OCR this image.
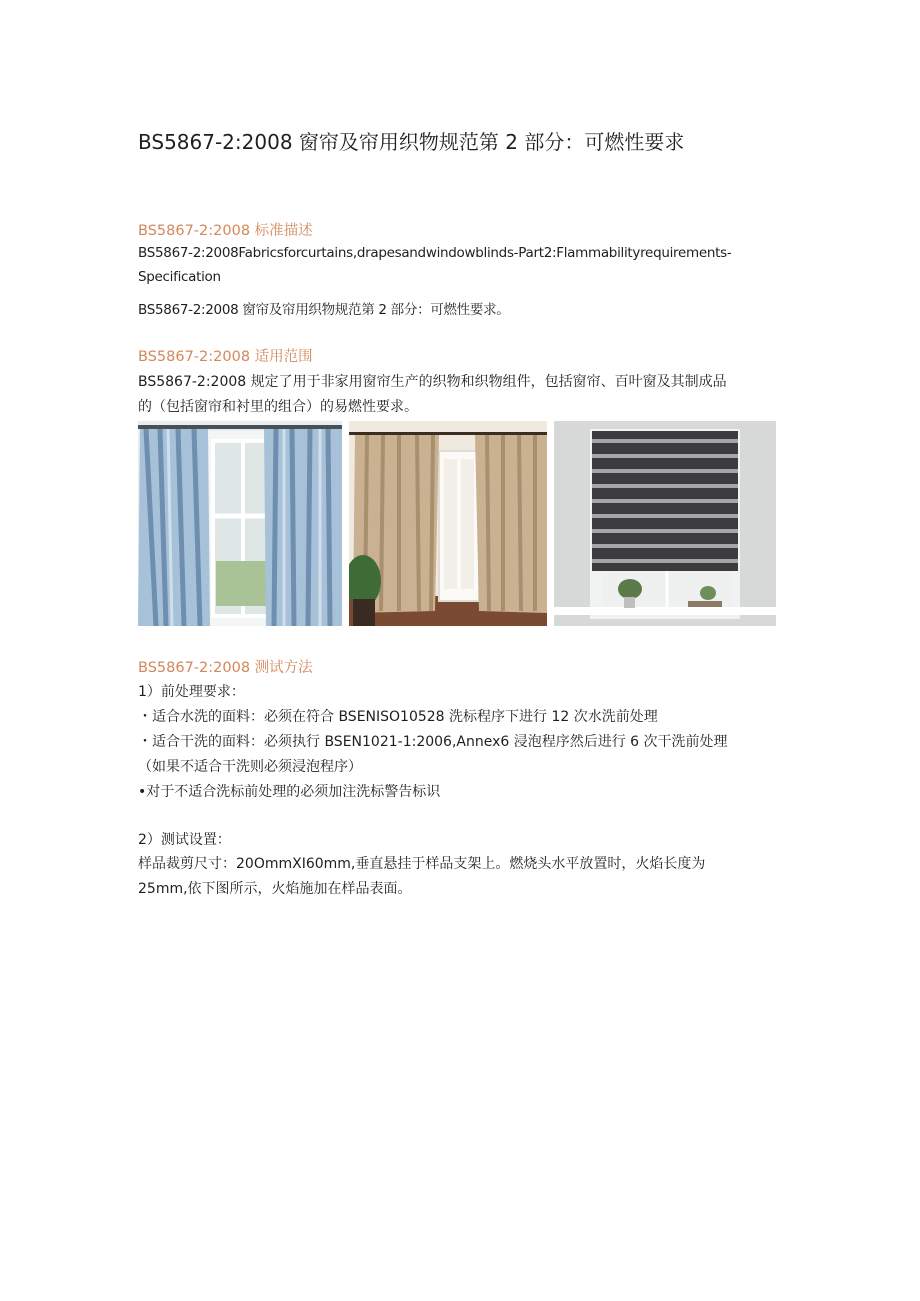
BS5867-2:2008 窗帘及帘用织物规范第 2 部分：可燃性要求
BS5867-2:2008 标准描述
BS5867-2:2008Fabricsforcurtains,drapesandwindowblinds-Part2:Flammabilityrequirements-
Specification
BS5867-2:2008 窗帘及帘用织物规范第 2 部分：可燃性要求。
BS5867-2:2008 适用范围
BS5867-2:2008 规定了用于非家用窗帘生产的织物和织物组件，包括窗帘、百叶窗及其制成品
的（包括窗帘和衬里的组合）的易燃性要求。
BS5867-2:2008 测试方法
1）前处理要求：
・适合水洗的面料：必须在符合 BSENISO10528 洗标程序下进行 12 次水洗前处理
・适合干洗的面料：必须执行 BSEN1021-1:2006,Annex6 浸泡程序然后进行 6 次干洗前处理
（如果不适合干洗则必须浸泡程序）
•对于不适合洗标前处理的必须加注洗标警告标识
2）测试设置：
样品裁剪尺寸：20OmmXI60mm,垂直悬挂于样品支架上。燃烧头水平放置时，火焰长度为
25mm,依下图所示，火焰施加在样品表面。
